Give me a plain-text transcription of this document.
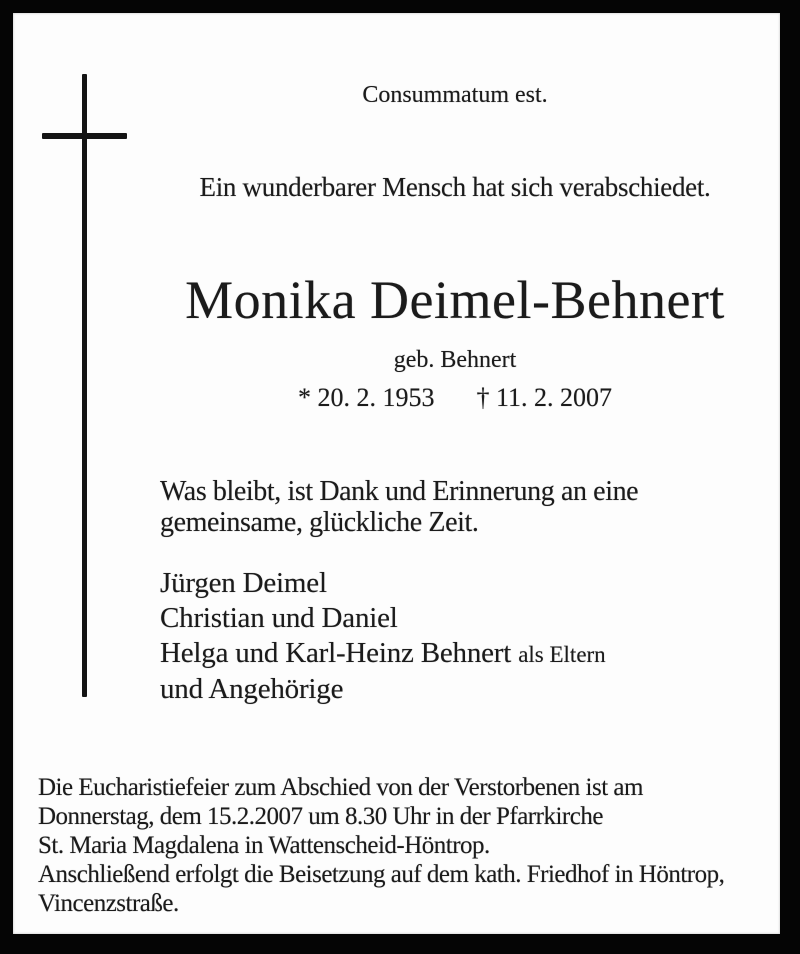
Consummatum est.
Ein wunderbarer Mensch hat sich verabschiedet.
Monika Deimel-Behnert
geb. Behnert
* 20. 2. 1953 † 11. 2. 2007
Was bleibt, ist Dank und Erinnerung an eine
gemeinsame, glückliche Zeit.
Jürgen Deimel
Christian und Daniel
Helga und Karl-Heinz Behnert als Eltern
und Angehörige
Die Eucharistiefeier zum Abschied von der Verstorbenen ist am
Donnerstag, dem 15.2.2007 um 8.30 Uhr in der Pfarrkirche
St. Maria Magdalena in Wattenscheid-Höntrop.
Anschließend erfolgt die Beisetzung auf dem kath. Friedhof in Höntrop,
Vincenzstraße.
